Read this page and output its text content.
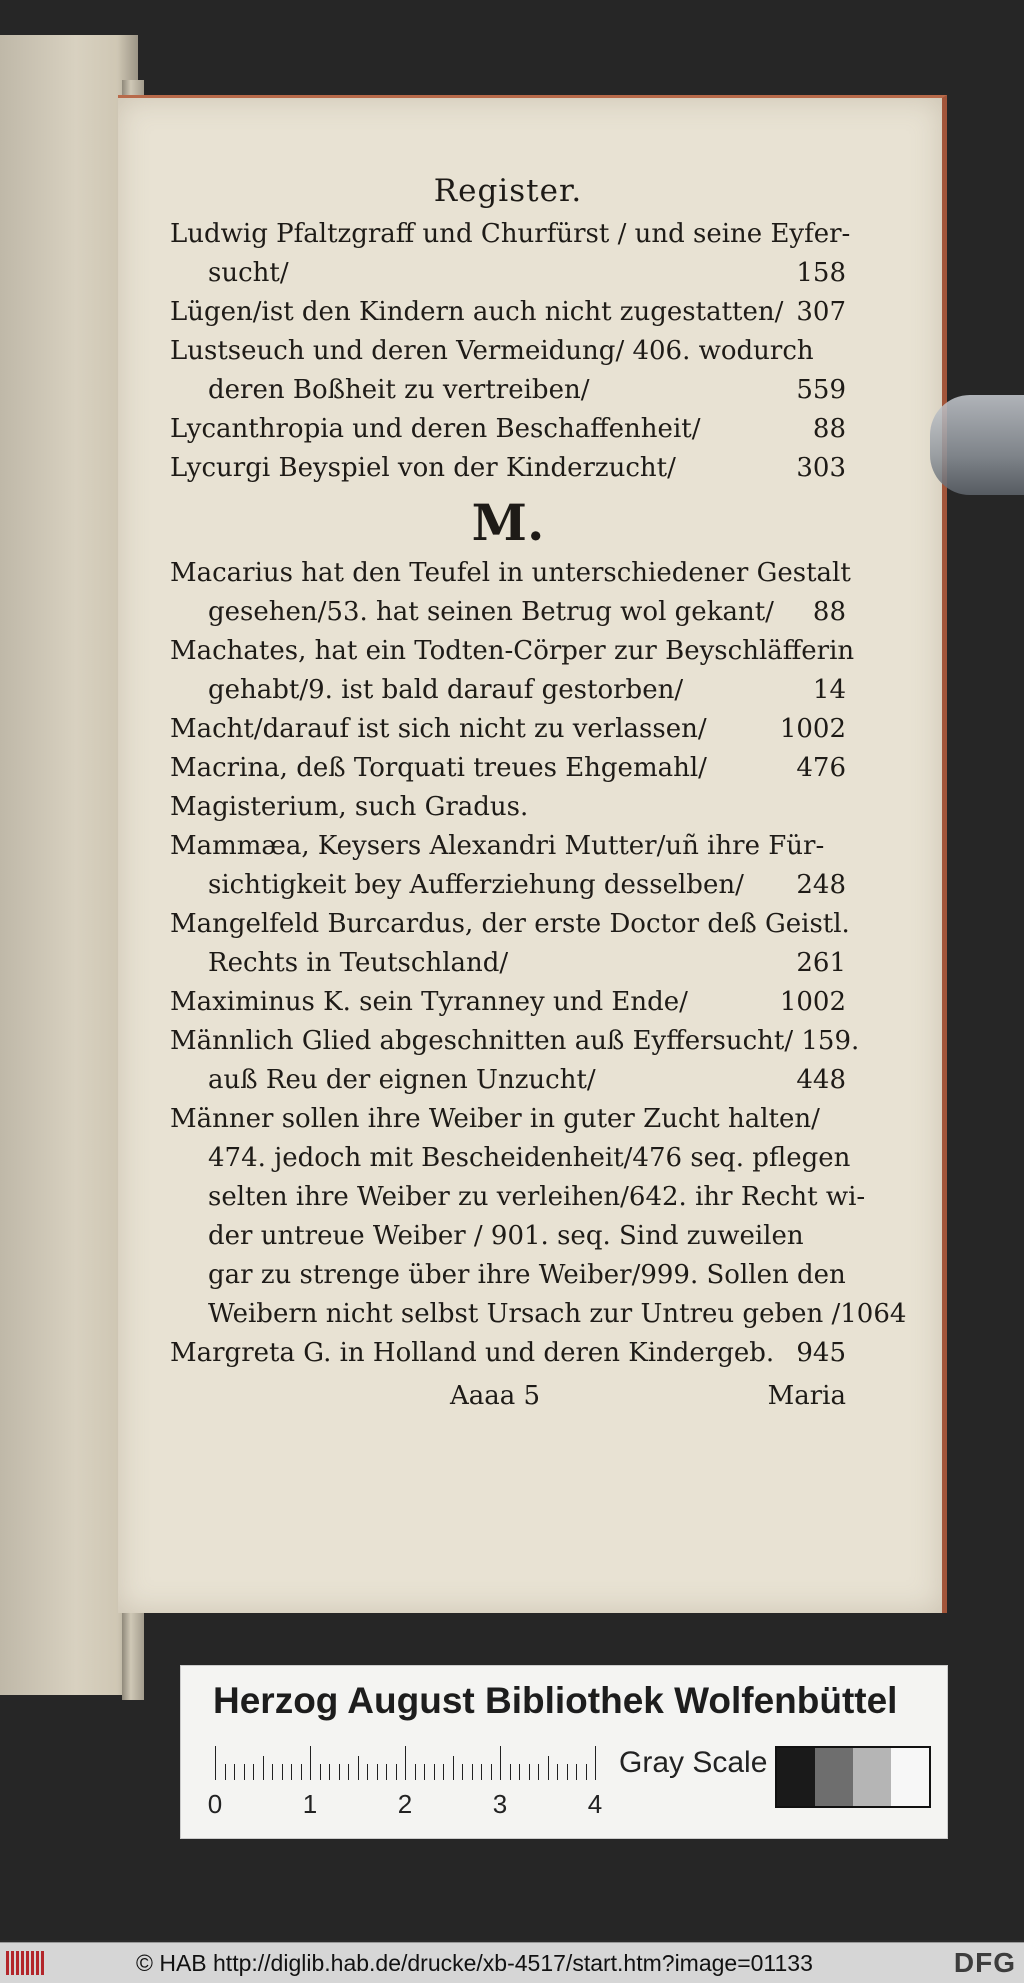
Register.
Ludwig Pfaltzgraff und Churfürst / und seine Eyfer-
sucht/	158
Lügen/ist den Kindern auch nicht zugestatten/ 307
Lustseuch und deren Vermeidung/ 406. wodurch
deren Boßheit zu vertreiben/	559
Lycanthropia und deren Beschaffenheit/	88
Lycurgi Beyspiel von der Kinderzucht/	303
M.
Macarius hat den Teufel in unterschiedener Gestalt
gesehen/53. hat seinen Betrug wol gekant/	88
Machates, hat ein Todten-Cörper zur Beyschläfferin
gehabt/9. ist bald darauf gestorben/	14
Macht/darauf ist sich nicht zu verlassen/	1002
Macrina, deß Torquati treues Ehgemahl/	476
Magisterium, such Gradus.
Mammæa, Keysers Alexandri Mutter/uñ ihre Für-
sichtigkeit bey Aufferziehung desselben/	248
Mangelfeld Burcardus, der erste Doctor deß Geistl.
Rechts in Teutschland/	261
Maximinus K. sein Tyranney und Ende/	1002
Männlich Glied abgeschnitten auß Eyffersucht/ 159.
auß Reu der eignen Unzucht/	448
Männer sollen ihre Weiber in guter Zucht halten/
474. jedoch mit Bescheidenheit/476 seq. pflegen
selten ihre Weiber zu verleihen/642. ihr Recht wi-
der untreue Weiber / 901. seq. Sind zuweilen
gar zu strenge über ihre Weiber/999. Sollen den
Weibern nicht selbst Ursach zur Untreu geben / 1064
Margreta G. in Holland und deren Kindergeb. 945
Aaaa 5	Maria
Herzog August Bibliothek Wolfenbüttel
0	1	2	3	4
Gray Scale
© HAB http://diglib.hab.de/drucke/xb-4517/start.htm?image=01133	DFG
